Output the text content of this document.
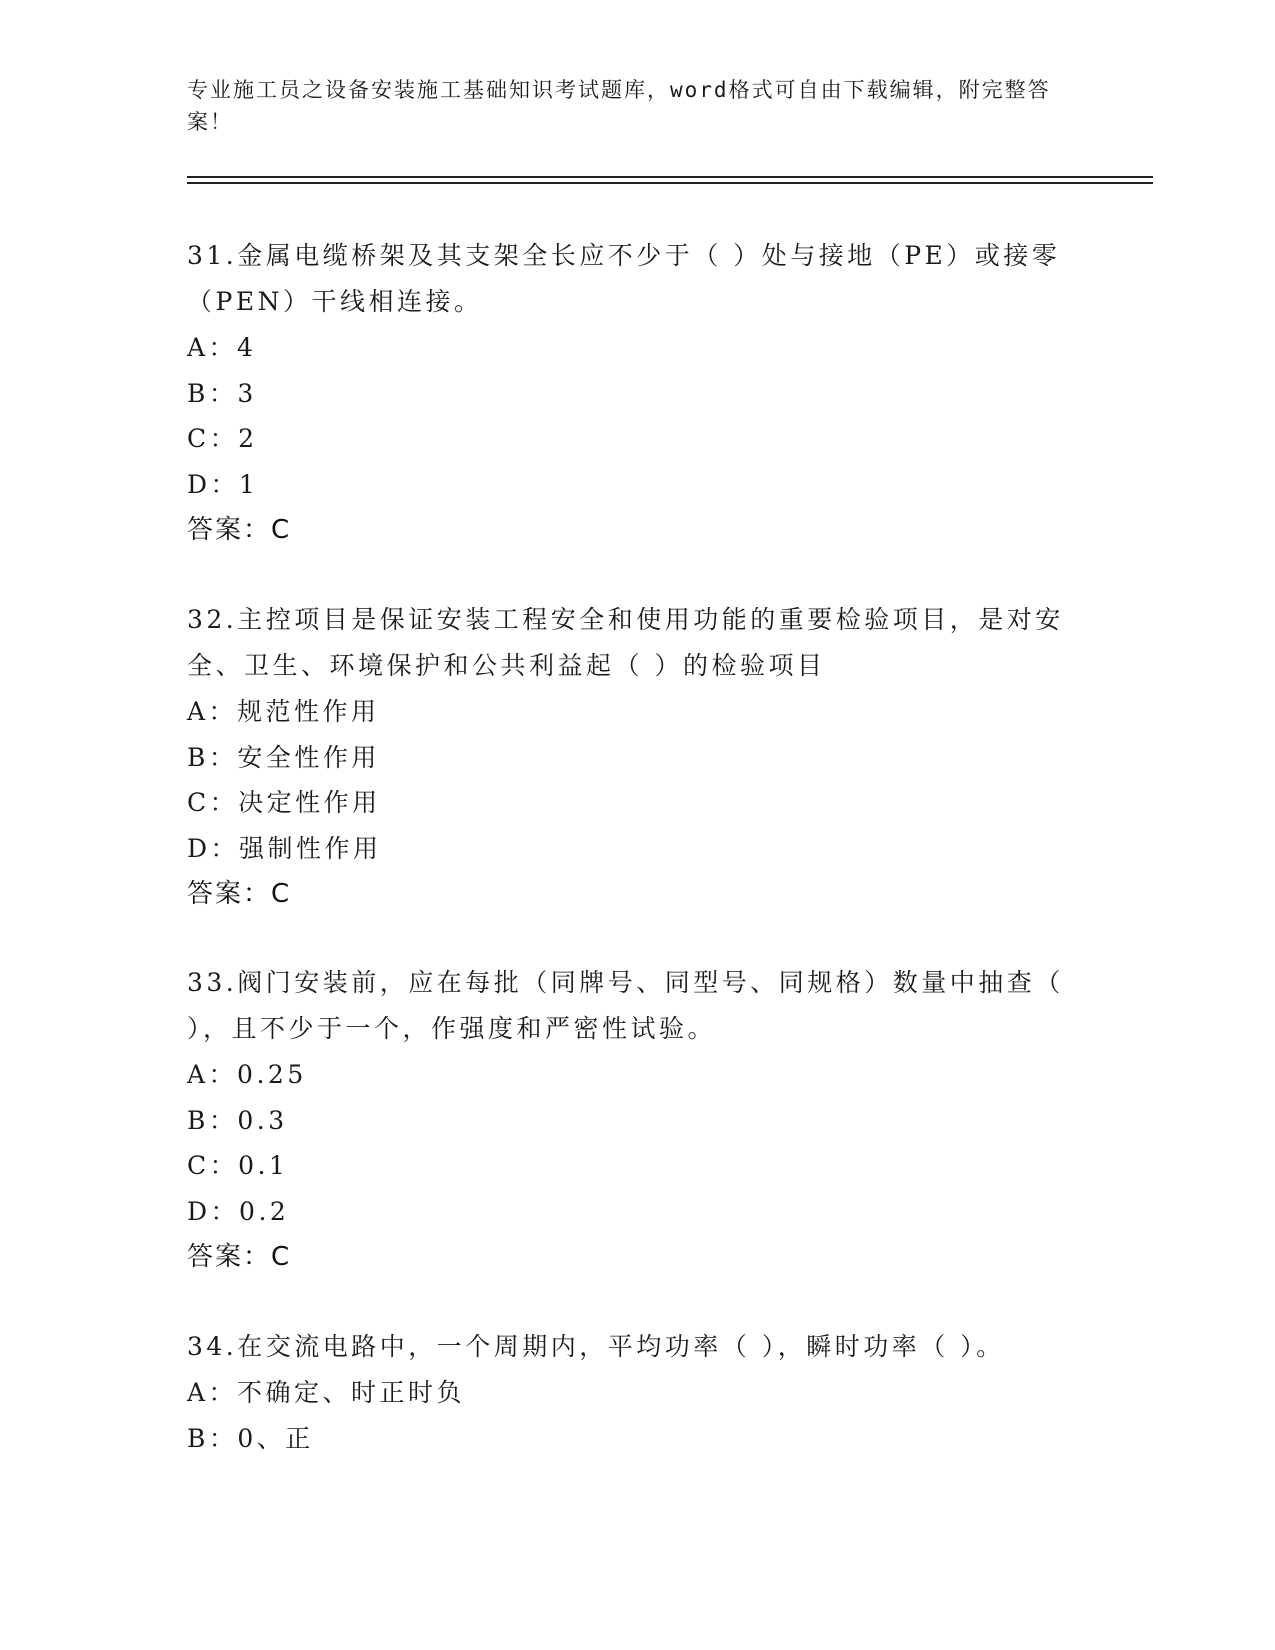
专业施工员之设备安装施工基础知识考试题库，word格式可自由下载编辑，附完整答案！

31.金属电缆桥架及其支架全长应不少于（ ）处与接地（PE）或接零（PEN）干线相连接。

A：4

B：3

C：2

D：1

答案：C

32.主控项目是保证安装工程安全和使用功能的重要检验项目，是对安全、卫生、环境保护和公共利益起（ ）的检验项目

A：规范性作用

B：安全性作用

C：决定性作用

D：强制性作用

答案：C

33.阀门安装前，应在每批（同牌号、同型号、同规格）数量中抽查（ ），且不少于一个，作强度和严密性试验。

A：0.25

B：0.3

C：0.1

D：0.2

答案：C

34.在交流电路中，一个周期内，平均功率（ ），瞬时功率（ ）。

A：不确定、时正时负

B：0、正
